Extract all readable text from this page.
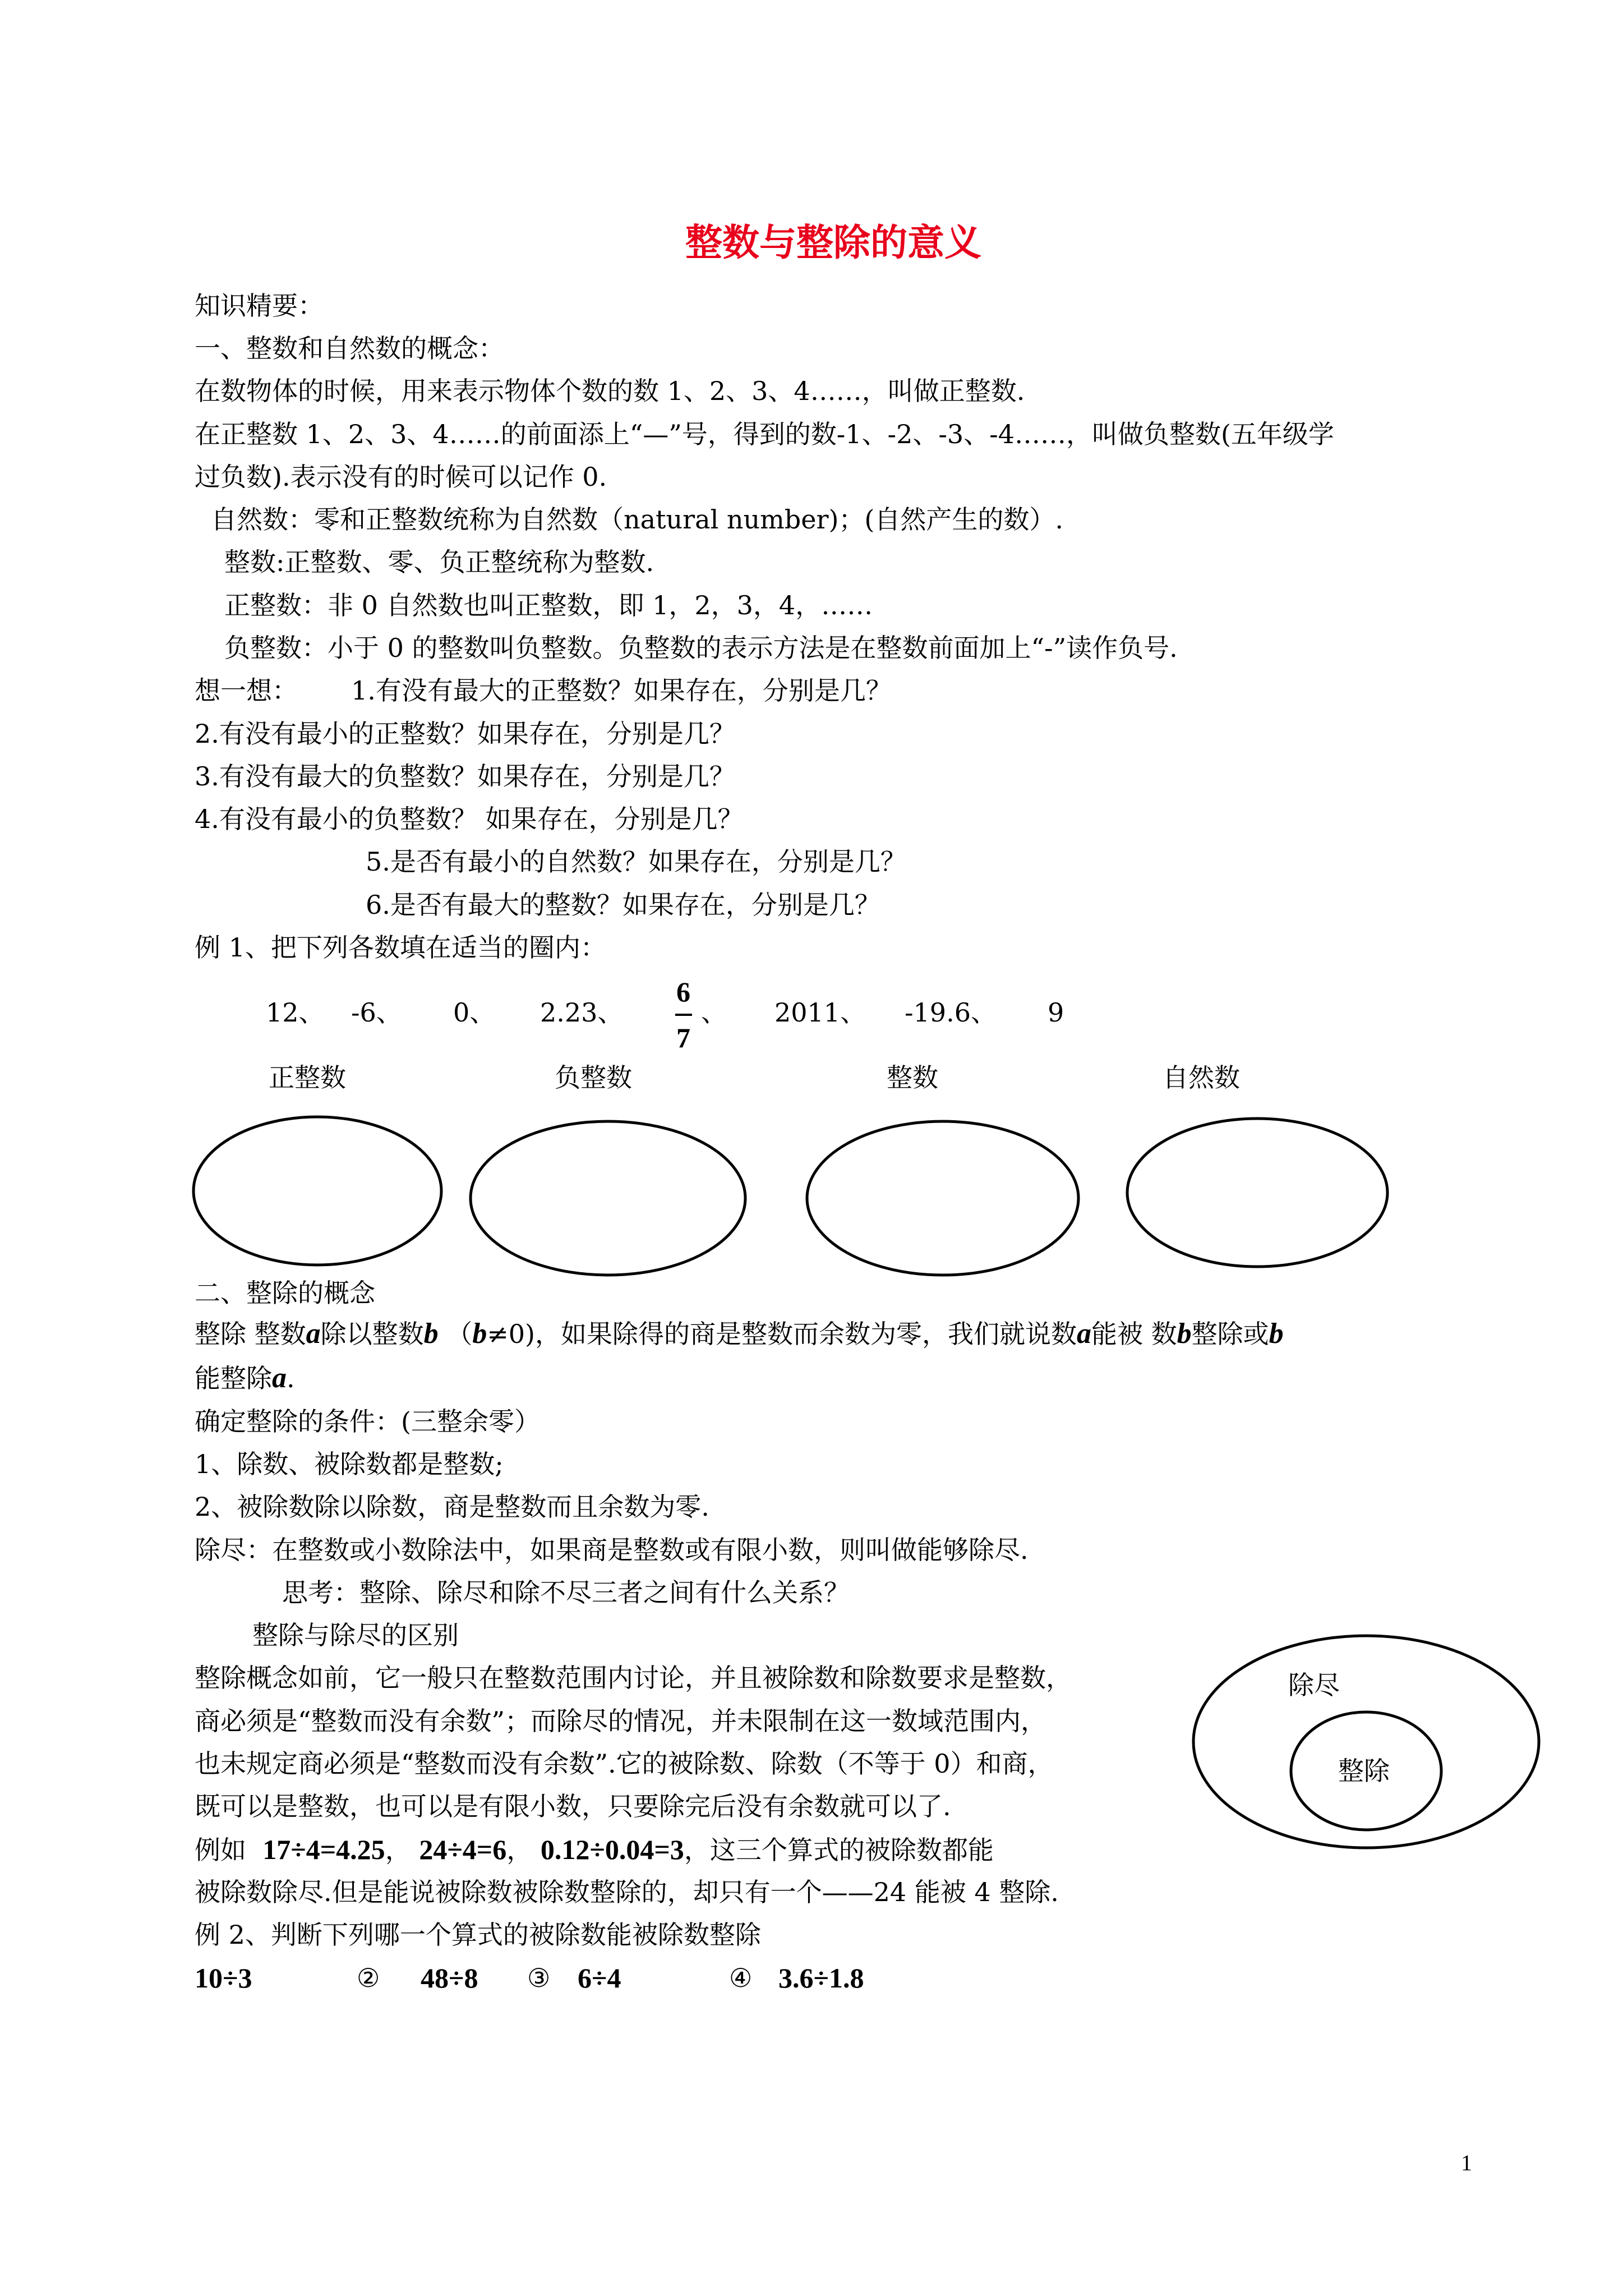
整数与整除的意义
知识精要：
一、整数和自然数的概念：
在数物体的时候，用来表示物体个数的数 1、2、3、4……，叫做正整数.
在正整数 1、2、3、4……的前面添上“—”号，得到的数-1、-2、-3、-4……，叫做负整数(五年级学
过负数).表示没有的时候可以记作 0.
自然数：零和正整数统称为自然数（natural number)；(自然产生的数）.
整数:正整数、零、负正整统称为整数.
正整数：非 0 自然数也叫正整数，即 1，2，3，4，……
负整数：小于 0 的整数叫负整数。负整数的表示方法是在整数前面加上“-”读作负号.
想一想： 1.有没有最大的正整数？如果存在，分别是几？
2.有没有最小的正整数？如果存在，分别是几？
3.有没有最大的负整数？如果存在，分别是几？
4.有没有最小的负整数？ 如果存在，分别是几？
5.是否有最小的自然数？如果存在，分别是几？
6.是否有最大的整数？如果存在，分别是几？
例 1、把下列各数填在适当的圈内：
12、 -6、 0、 2.23、
6
7
、 2011、 -19.6、 9
正整数	负整数	整数	自然数
二、整除的概念
整除 整数a除以整数b （b≠0)，如果除得的商是整数而余数为零，我们就说数a能被 数b整除或b
能整除a.
确定整除的条件：(三整余零）
1、除数、被除数都是整数;
2、被除数除以除数，商是整数而且余数为零.
除尽：在整数或小数除法中，如果商是整数或有限小数，则叫做能够除尽.
思考：整除、除尽和除不尽三者之间有什么关系？
整除与除尽的区别
整除概念如前，它一般只在整数范围内讨论，并且被除数和除数要求是整数，
商必须是“整数而没有余数”；而除尽的情况，并未限制在这一数域范围内，
也未规定商必须是“整数而没有余数”.它的被除数、除数（不等于 0）和商，
既可以是整数，也可以是有限小数，只要除完后没有余数就可以了.
例如 17÷4=4.25， 24÷4=6， 0.12÷0.04=3，这三个算式的被除数都能
被除数除尽.但是能说被除数被除数整除的，却只有一个——24 能被 4 整除.
例 2、判断下列哪一个算式的被除数能被除数整除
10÷3	② 48÷8 ③ 6÷4	④ 3.6÷1.8
除尽
整除
1
